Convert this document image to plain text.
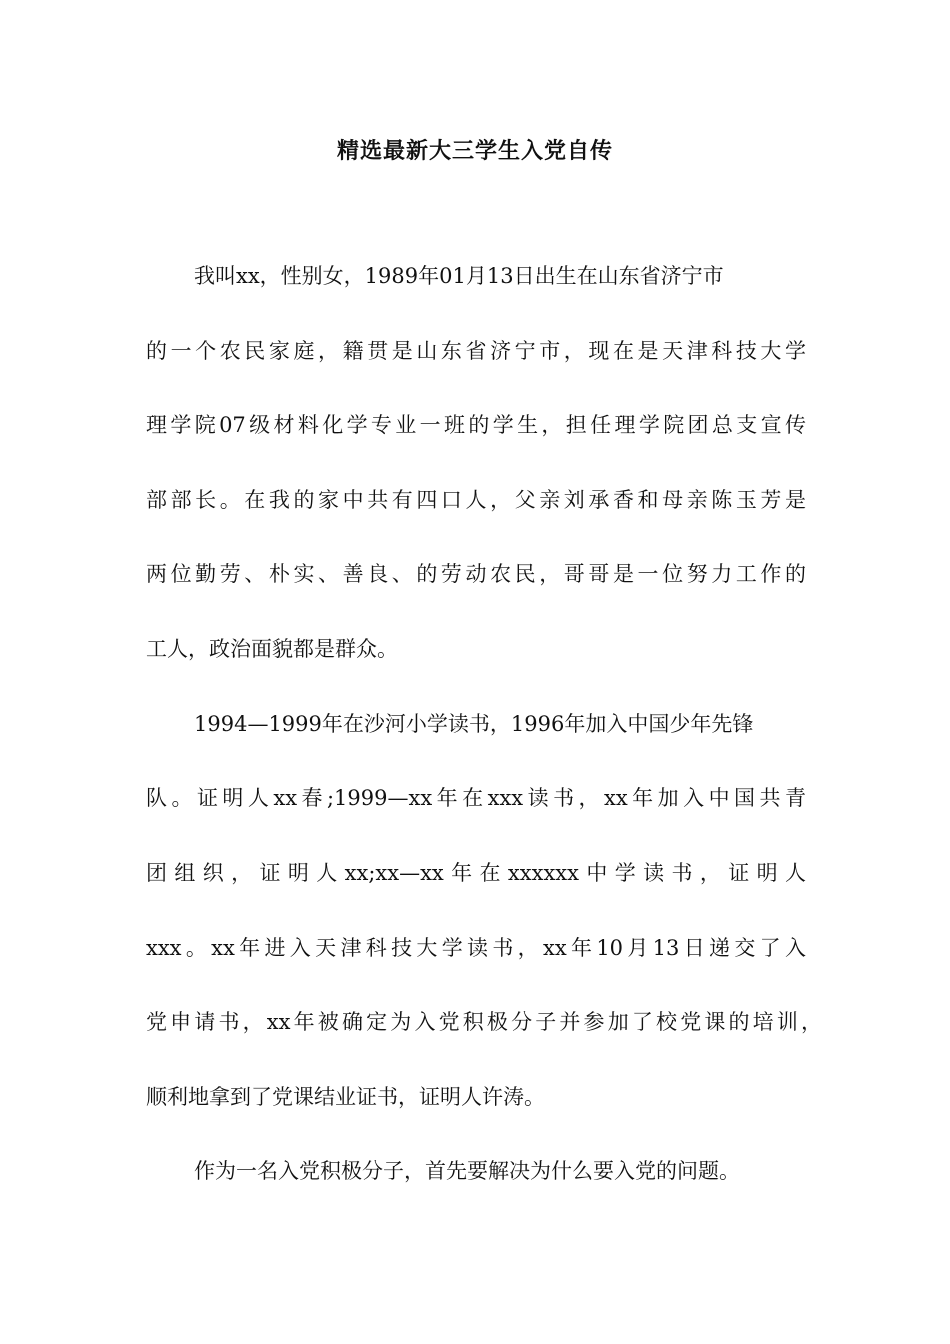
精选最新大三学生入党自传

我叫xx，性别女，1989年01月13日出生在山东省济宁市

的一个农民家庭，籍贯是山东省济宁市，现在是天津科技大学

理学院07级材料化学专业一班的学生，担任理学院团总支宣传

部部长。在我的家中共有四口人，父亲刘承香和母亲陈玉芳是

两位勤劳、朴实、善良、的劳动农民，哥哥是一位努力工作的

工人，政治面貌都是群众。

1994—1999年在沙河小学读书，1996年加入中国少年先锋

队。证明人xx春;1999—xx年在xxx读书，xx年加入中国共青

团组织，证明人xx;xx—xx年在xxxxxx中学读书，证明人

xxx。xx年进入天津科技大学读书，xx年10月13日递交了入

党申请书，xx年被确定为入党积极分子并参加了校党课的培训，

顺利地拿到了党课结业证书，证明人许涛。

作为一名入党积极分子，首先要解决为什么要入党的问题。
